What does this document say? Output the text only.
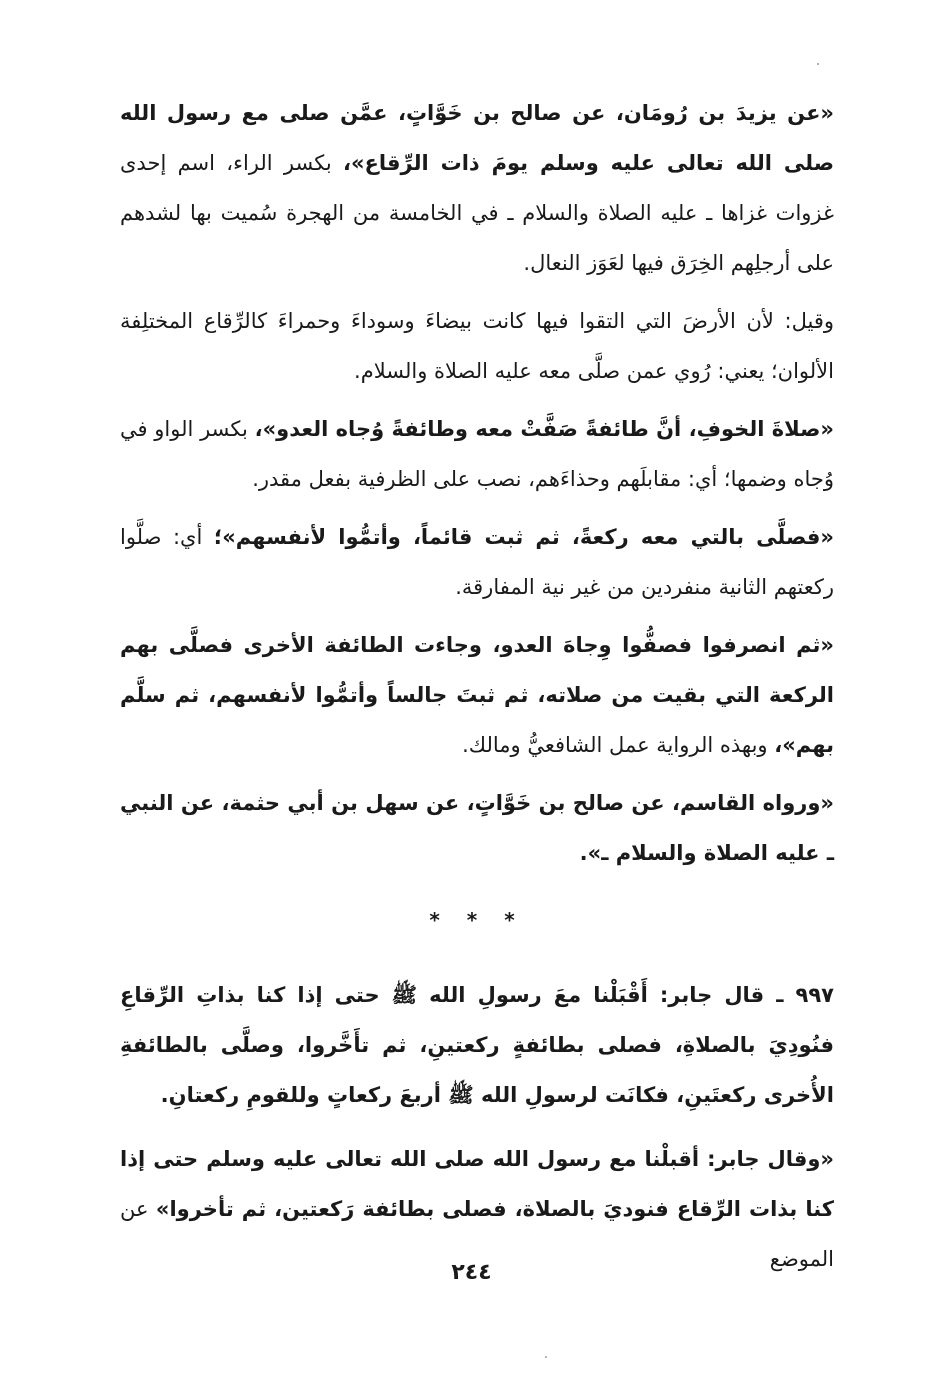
«عن يزيدَ بن رُومَان، عن صالح بن خَوَّاتٍ، عمَّن صلى مع رسول الله صلى الله تعالى عليه وسلم يومَ ذات الرِّقاع»، بكسر الراء، اسم إحدى غزوات غزاها ـ عليه الصلاة والسلام ـ في الخامسة من الهجرة سُميت بها لشدهم على أرجلِهم الخِرَق فيها لعَوَز النعال.

وقيل: لأن الأرضَ التي التقوا فيها كانت بيضاءَ وسوداءَ وحمراءَ كالرِّقاع المختلِفة الألوان؛ يعني: رُوي عمن صلَّى معه عليه الصلاة والسلام.

«صلاةَ الخوفِ، أنَّ طائفةً صَفَّتْ معه وطائفةً وُجاه العدو»، بكسر الواو في وُجاه وضمها؛ أي: مقابلَهم وحذاءَهم، نصب على الظرفية بفعل مقدر.

«فصلَّى بالتي معه ركعةً، ثم ثبت قائماً، وأتمُّوا لأنفسهم»؛ أي: صلَّوا ركعتهم الثانية منفردين من غير نية المفارقة.

«ثم انصرفوا فصفُّوا وِجاهَ العدو، وجاءت الطائفة الأخرى فصلَّى بهم الركعة التي بقيت من صلاته، ثم ثبتَ جالساً وأتمُّوا لأنفسهم، ثم سلَّم بهم»، وبهذه الرواية عمل الشافعيُّ ومالك.

«ورواه القاسم، عن صالح بن خَوَّاتٍ، عن سهل بن أبي حثمة، عن النبي ـ عليه الصلاة والسلام ـ».

* * *

٩٩٧ ـ قال جابر: أَقْبَلْنا معَ رسولِ الله ﷺ حتى إذا كنا بذاتِ الرِّقاعِ فنُودِيَ بالصلاةِ، فصلى بطائفةٍ ركعتينِ، ثم تأَخَّروا، وصلَّى بالطائفةِ الأُخرى ركعتَينِ، فكانَت لرسولِ الله ﷺ أربعَ ركعاتٍ وللقومِ ركعتانِ.

«وقال جابر: أقبلْنا مع رسول الله صلى الله تعالى عليه وسلم حتى إذا كنا بذات الرِّقاع فنوديَ بالصلاة، فصلى بطائفة رَكعتين، ثم تأخروا» عن الموضع

٢٤٤
